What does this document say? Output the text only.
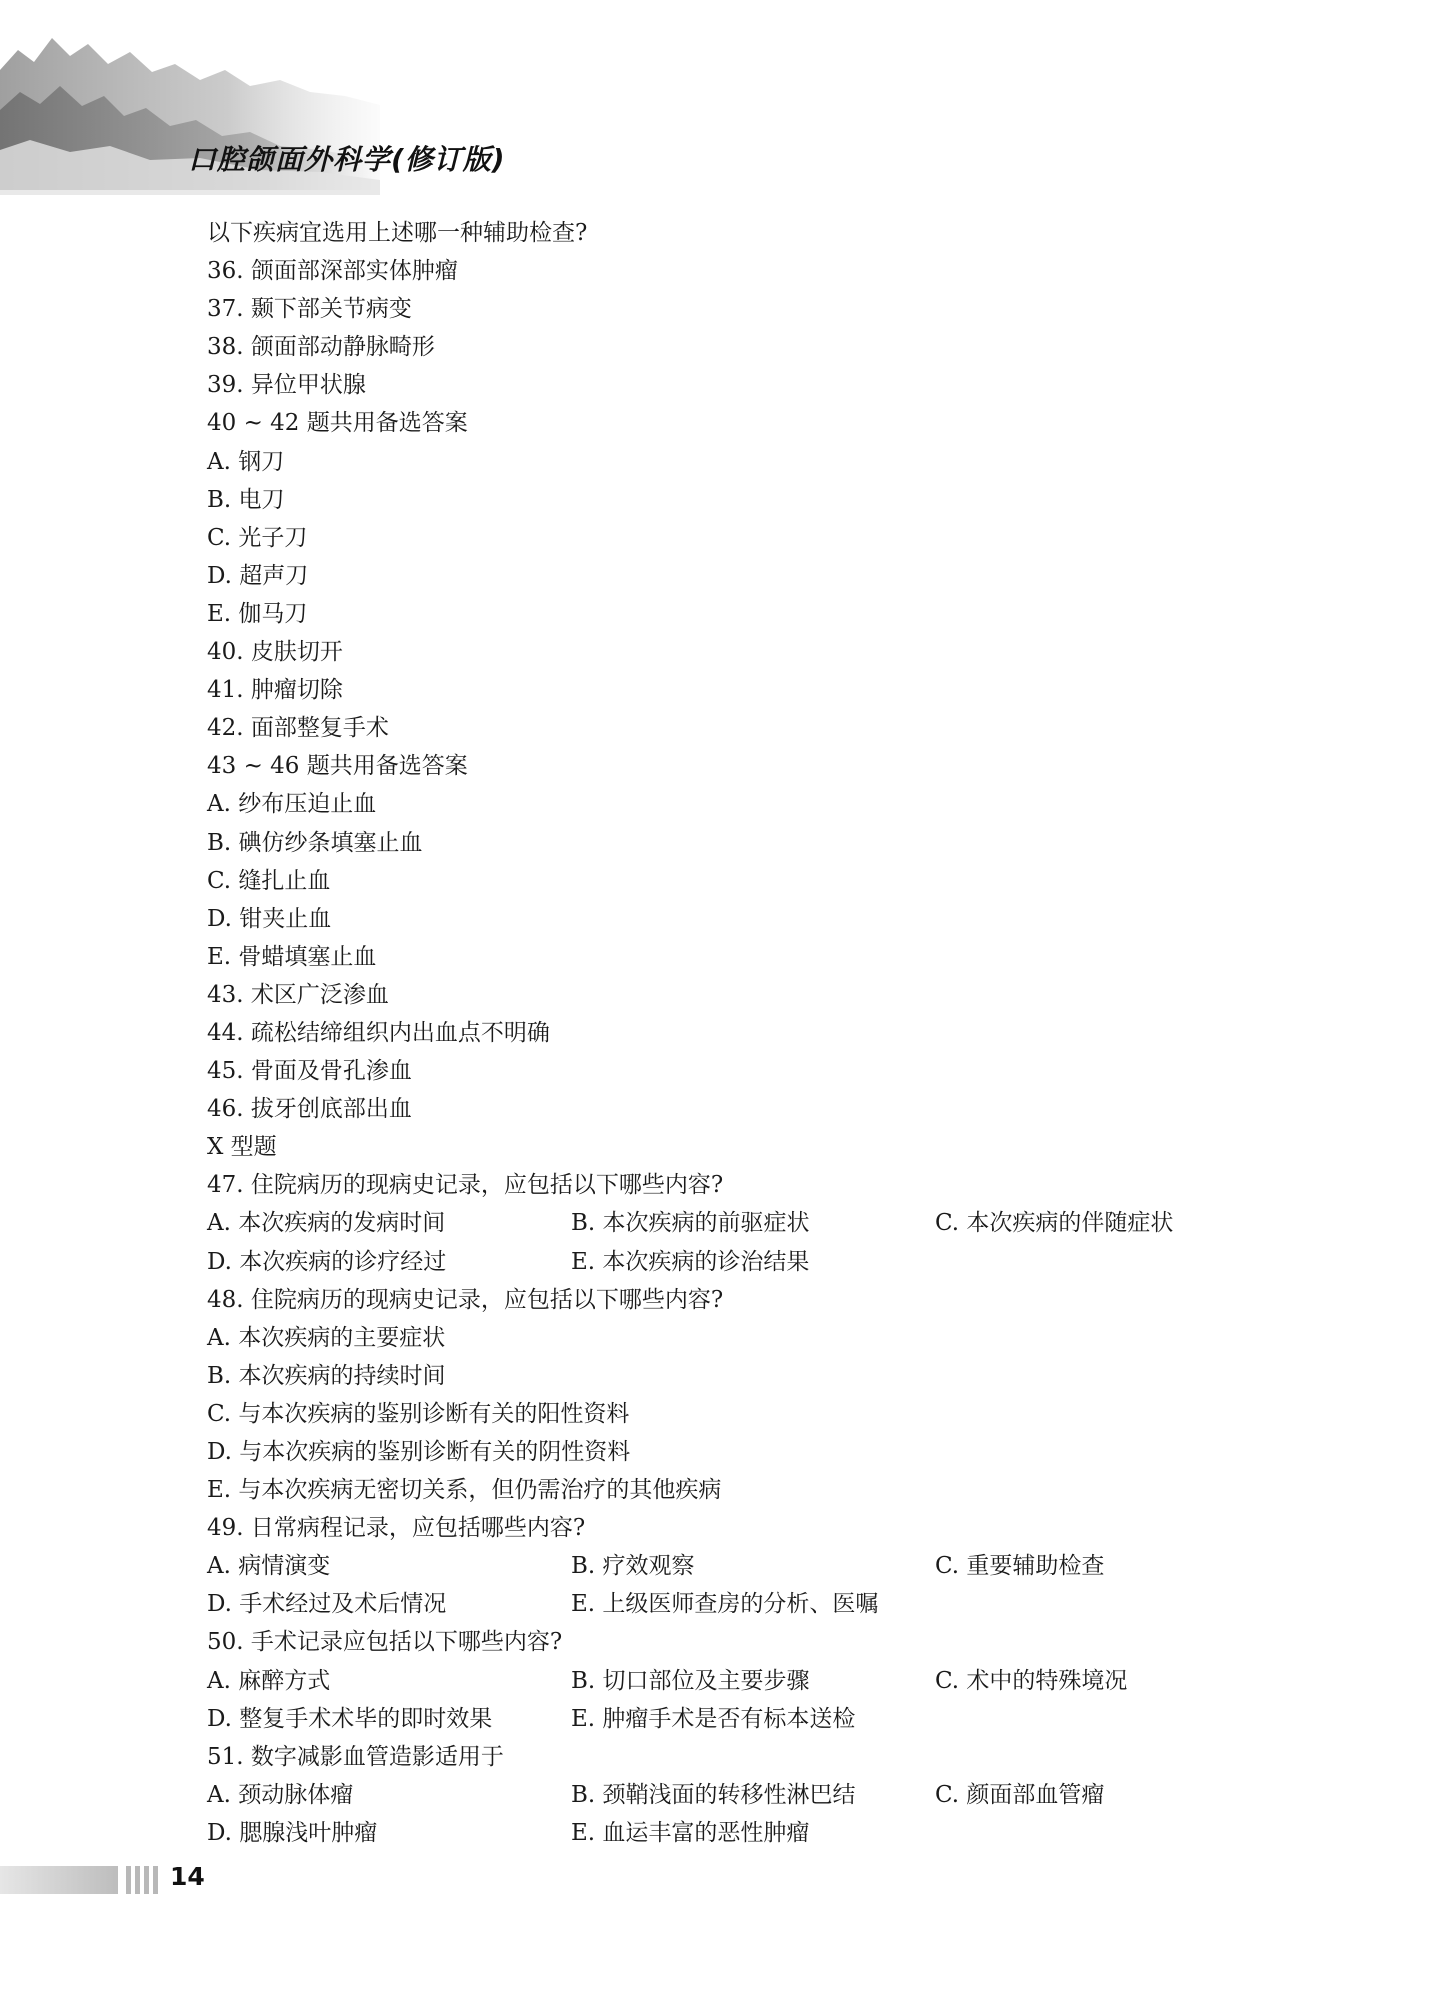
口腔颌面外科学(修订版)
以下疾病宜选用上述哪一种辅助检查?
36. 颌面部深部实体肿瘤
37. 颞下部关节病变
38. 颌面部动静脉畸形
39. 异位甲状腺
40 ~ 42 题共用备选答案
A. 钢刀
B. 电刀
C. 光子刀
D. 超声刀
E. 伽马刀
40. 皮肤切开
41. 肿瘤切除
42. 面部整复手术
43 ~ 46 题共用备选答案
A. 纱布压迫止血
B. 碘仿纱条填塞止血
C. 缝扎止血
D. 钳夹止血
E. 骨蜡填塞止血
43. 术区广泛渗血
44. 疏松结缔组织内出血点不明确
45. 骨面及骨孔渗血
46. 拔牙创底部出血
X 型题
47. 住院病历的现病史记录，应包括以下哪些内容?
A. 本次疾病的发病时间	B. 本次疾病的前驱症状	C. 本次疾病的伴随症状
D. 本次疾病的诊疗经过	E. 本次疾病的诊治结果
48. 住院病历的现病史记录，应包括以下哪些内容?
A. 本次疾病的主要症状
B. 本次疾病的持续时间
C. 与本次疾病的鉴别诊断有关的阳性资料
D. 与本次疾病的鉴别诊断有关的阴性资料
E. 与本次疾病无密切关系，但仍需治疗的其他疾病
49. 日常病程记录，应包括哪些内容?
A. 病情演变	B. 疗效观察	C. 重要辅助检查
D. 手术经过及术后情况	E. 上级医师查房的分析、医嘱
50. 手术记录应包括以下哪些内容?
A. 麻醉方式	B. 切口部位及主要步骤	C. 术中的特殊境况
D. 整复手术术毕的即时效果	E. 肿瘤手术是否有标本送检
51. 数字减影血管造影适用于
A. 颈动脉体瘤	B. 颈鞘浅面的转移性淋巴结	C. 颜面部血管瘤
D. 腮腺浅叶肿瘤	E. 血运丰富的恶性肿瘤
14
